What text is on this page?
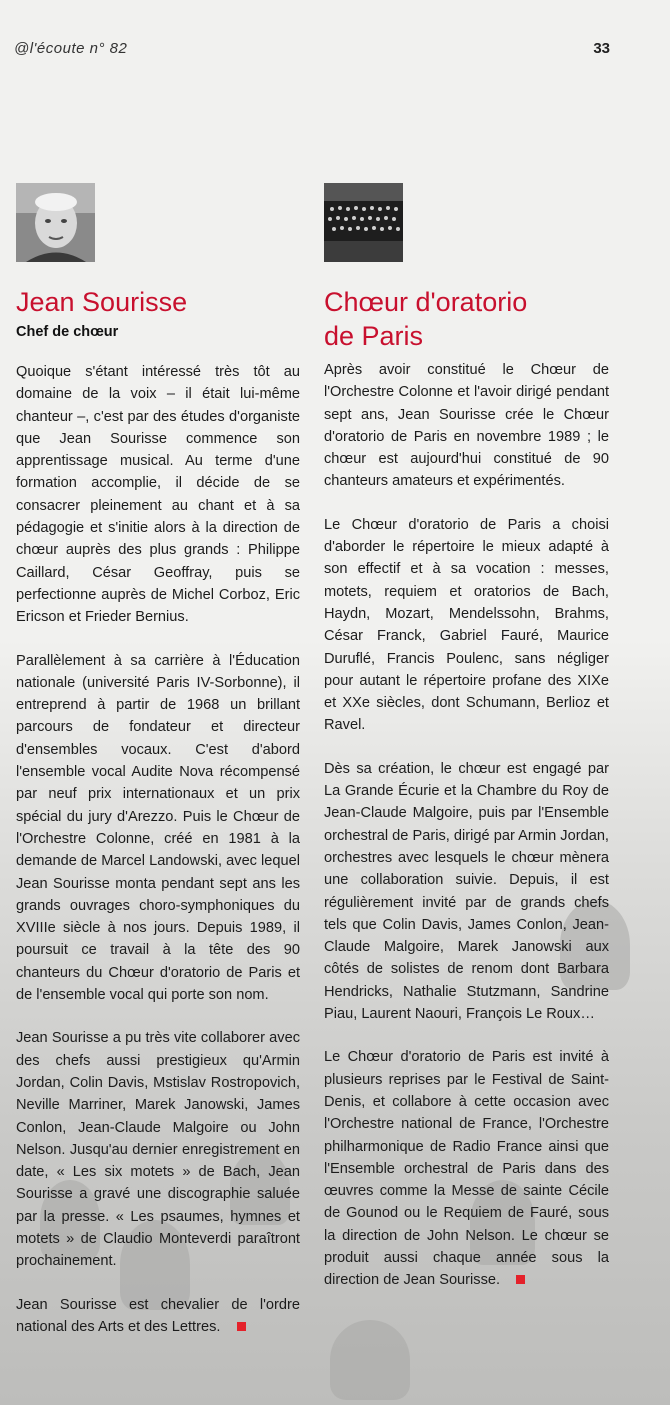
@l'écoute n° 82	33
Jean Sourisse
Chef de chœur

Quoique s'étant intéressé très tôt au domaine de la voix – il était lui-même chanteur –, c'est par des études d'organiste que Jean Sourisse commence son apprentissage musical. Au terme d'une formation accomplie, il décide de se consacrer pleinement au chant et à sa pédagogie et s'initie alors à la direction de chœur auprès des plus grands : Philippe Caillard, César Geoffray, puis se perfectionne auprès de Michel Corboz, Eric Ericson et Frieder Bernius.

Parallèlement à sa carrière à l'Éducation nationale (université Paris IV-Sorbonne), il entreprend à partir de 1968 un brillant parcours de fondateur et directeur d'ensembles vocaux. C'est d'abord l'ensemble vocal Audite Nova récompensé par neuf prix internationaux et un prix spécial du jury d'Arezzo. Puis le Chœur de l'Orchestre Colonne, créé en 1981 à la demande de Marcel Landowski, avec lequel Jean Sourisse monta pendant sept ans les grands ouvrages choro-symphoniques du XVIIIe siècle à nos jours. Depuis 1989, il poursuit ce travail à la tête des 90 chanteurs du Chœur d'oratorio de Paris et de l'ensemble vocal qui porte son nom.

Jean Sourisse a pu très vite collaborer avec des chefs aussi prestigieux qu'Armin Jordan, Colin Davis, Mstislav Rostropovich, Neville Marriner, Marek Janowski, James Conlon, Jean-Claude Malgoire ou John Nelson. Jusqu'au dernier enregistrement en date, « Les six motets » de Bach, Jean Sourisse a gravé une discographie saluée par la presse. « Les psaumes, hymnes et motets » de Claudio Monteverdi paraîtront prochainement.

Jean Sourisse est chevalier de l'ordre national des Arts et des Lettres.

Chœur d'oratorio
de Paris

Après avoir constitué le Chœur de l'Orchestre Colonne et l'avoir dirigé pendant sept ans, Jean Sourisse crée le Chœur d'oratorio de Paris en novembre 1989 ; le chœur est aujourd'hui constitué de 90 chanteurs amateurs et expérimentés.

Le Chœur d'oratorio de Paris a choisi d'aborder le répertoire le mieux adapté à son effectif et à sa vocation : messes, motets, requiem et oratorios de Bach, Haydn, Mozart, Mendelssohn, Brahms, César Franck, Gabriel Fauré, Maurice Duruflé, Francis Poulenc, sans négliger pour autant le répertoire profane des XIXe et XXe siècles, dont Schumann, Berlioz et Ravel.

Dès sa création, le chœur est engagé par La Grande Écurie et la Chambre du Roy de Jean-Claude Malgoire, puis par l'Ensemble orchestral de Paris, dirigé par Armin Jordan, orchestres avec lesquels le chœur mènera une collaboration suivie. Depuis, il est régulièrement invité par de grands chefs tels que Colin Davis, James Conlon, Jean-Claude Malgoire, Marek Janowski aux côtés de solistes de renom dont Barbara Hendricks, Nathalie Stutzmann, Sandrine Piau, Laurent Naouri, François Le Roux…

Le Chœur d'oratorio de Paris est invité à plusieurs reprises par le Festival de Saint-Denis, et collabore à cette occasion avec l'Orchestre national de France, l'Orchestre philharmonique de Radio France ainsi que l'Ensemble orchestral de Paris dans des œuvres comme la Messe de sainte Cécile de Gounod ou le Requiem de Fauré, sous la direction de John Nelson. Le chœur se produit aussi chaque année sous la direction de Jean Sourisse.
